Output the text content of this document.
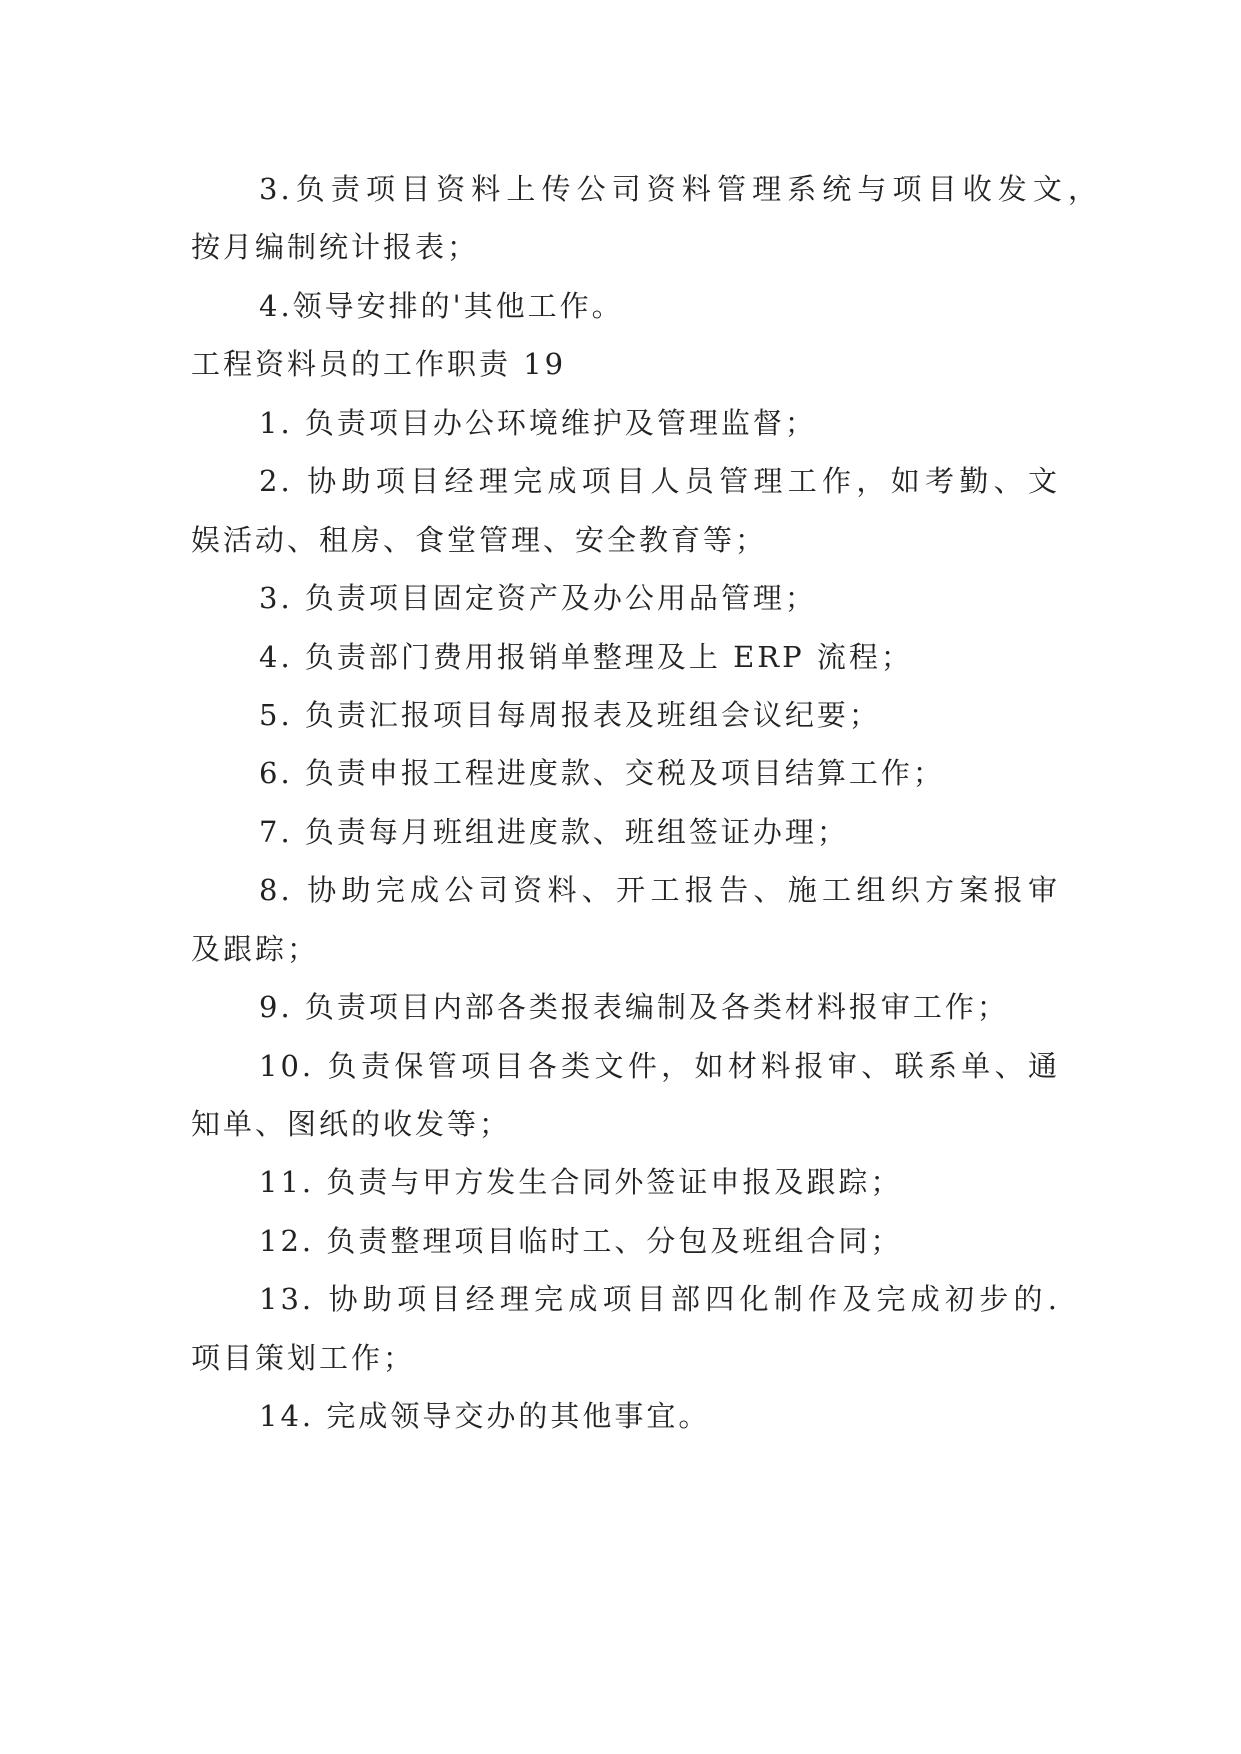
3.负责项目资料上传公司资料管理系统与项目收发文，
按月编制统计报表；
4.领导安排的'其他工作。
工程资料员的工作职责 19
1. 负责项目办公环境维护及管理监督；
2. 协助项目经理完成项目人员管理工作，如考勤、文
娱活动、租房、食堂管理、安全教育等；
3. 负责项目固定资产及办公用品管理；
4. 负责部门费用报销单整理及上 ERP 流程；
5. 负责汇报项目每周报表及班组会议纪要；
6. 负责申报工程进度款、交税及项目结算工作；
7. 负责每月班组进度款、班组签证办理；
8. 协助完成公司资料、开工报告、施工组织方案报审
及跟踪；
9. 负责项目内部各类报表编制及各类材料报审工作；
10. 负责保管项目各类文件，如材料报审、联系单、通
知单、图纸的收发等；
11. 负责与甲方发生合同外签证申报及跟踪；
12. 负责整理项目临时工、分包及班组合同；
13. 协助项目经理完成项目部四化制作及完成初步的.
项目策划工作；
14. 完成领导交办的其他事宜。
